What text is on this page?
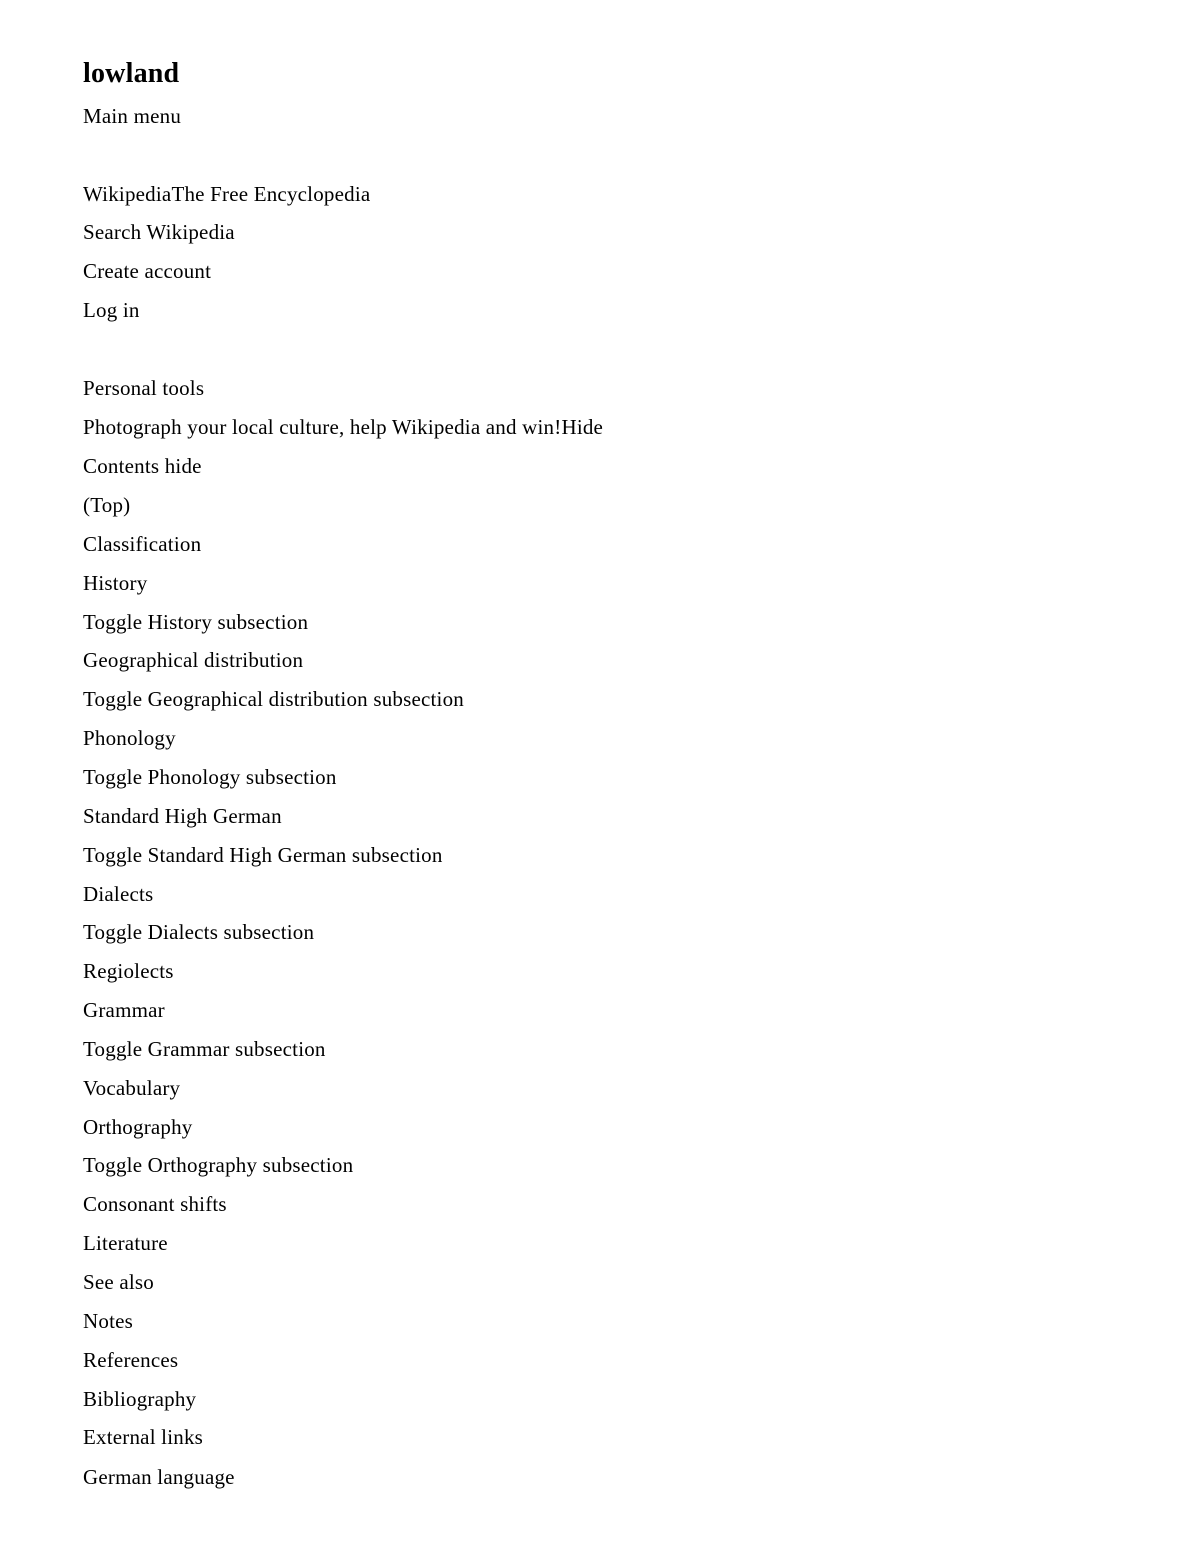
lowland
Main menu
WikipediaThe Free Encyclopedia
Search Wikipedia
Create account
Log in
Personal tools
Photograph your local culture, help Wikipedia and win!Hide
Contents hide
(Top)
Classification
History
Toggle History subsection
Geographical distribution
Toggle Geographical distribution subsection
Phonology
Toggle Phonology subsection
Standard High German
Toggle Standard High German subsection
Dialects
Toggle Dialects subsection
Regiolects
Grammar
Toggle Grammar subsection
Vocabulary
Orthography
Toggle Orthography subsection
Consonant shifts
Literature
See also
Notes
References
Bibliography
External links
German language
